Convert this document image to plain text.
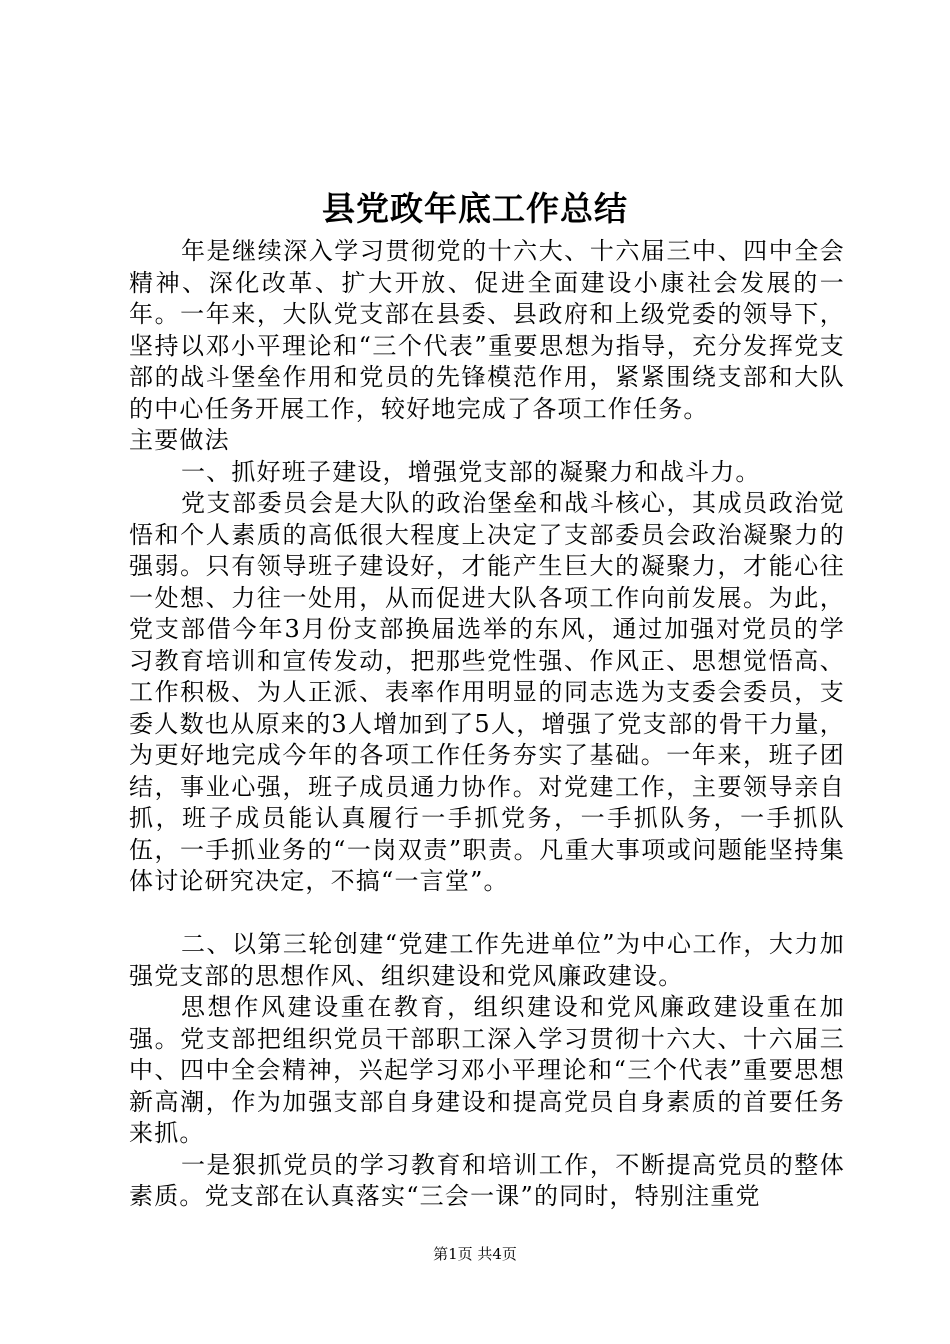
县党政年底工作总结

年是继续深入学习贯彻党的十六大、十六届三中、四中全会精神、深化改革、扩大开放、促进全面建设小康社会发展的一年。一年来，大队党支部在县委、县政府和上级党委的领导下，坚持以邓小平理论和“三个代表”重要思想为指导，充分发挥党支部的战斗堡垒作用和党员的先锋模范作用，紧紧围绕支部和大队的中心任务开展工作，较好地完成了各项工作任务。

主要做法

一、抓好班子建设，增强党支部的凝聚力和战斗力。

党支部委员会是大队的政治堡垒和战斗核心，其成员政治觉悟和个人素质的高低很大程度上决定了支部委员会政治凝聚力的强弱。只有领导班子建设好，才能产生巨大的凝聚力，才能心往一处想、力往一处用，从而促进大队各项工作向前发展。为此，党支部借今年3月份支部换届选举的东风，通过加强对党员的学习教育培训和宣传发动，把那些党性强、作风正、思想觉悟高、工作积极、为人正派、表率作用明显的同志选为支委会委员，支委人数也从原来的3人增加到了5人，增强了党支部的骨干力量，为更好地完成今年的各项工作任务夯实了基础。一年来，班子团结，事业心强，班子成员通力协作。对党建工作，主要领导亲自抓，班子成员能认真履行一手抓党务，一手抓队务，一手抓队伍，一手抓业务的“一岗双责”职责。凡重大事项或问题能坚持集体讨论研究决定，不搞“一言堂”。

二、以第三轮创建“党建工作先进单位”为中心工作，大力加强党支部的思想作风、组织建设和党风廉政建设。

思想作风建设重在教育，组织建设和党风廉政建设重在加强。党支部把组织党员干部职工深入学习贯彻十六大、十六届三中、四中全会精神，兴起学习邓小平理论和“三个代表”重要思想新高潮，作为加强支部自身建设和提高党员自身素质的首要任务来抓。

一是狠抓党员的学习教育和培训工作，不断提高党员的整体素质。党支部在认真落实“三会一课”的同时，特别注重党

第1页 共4页
